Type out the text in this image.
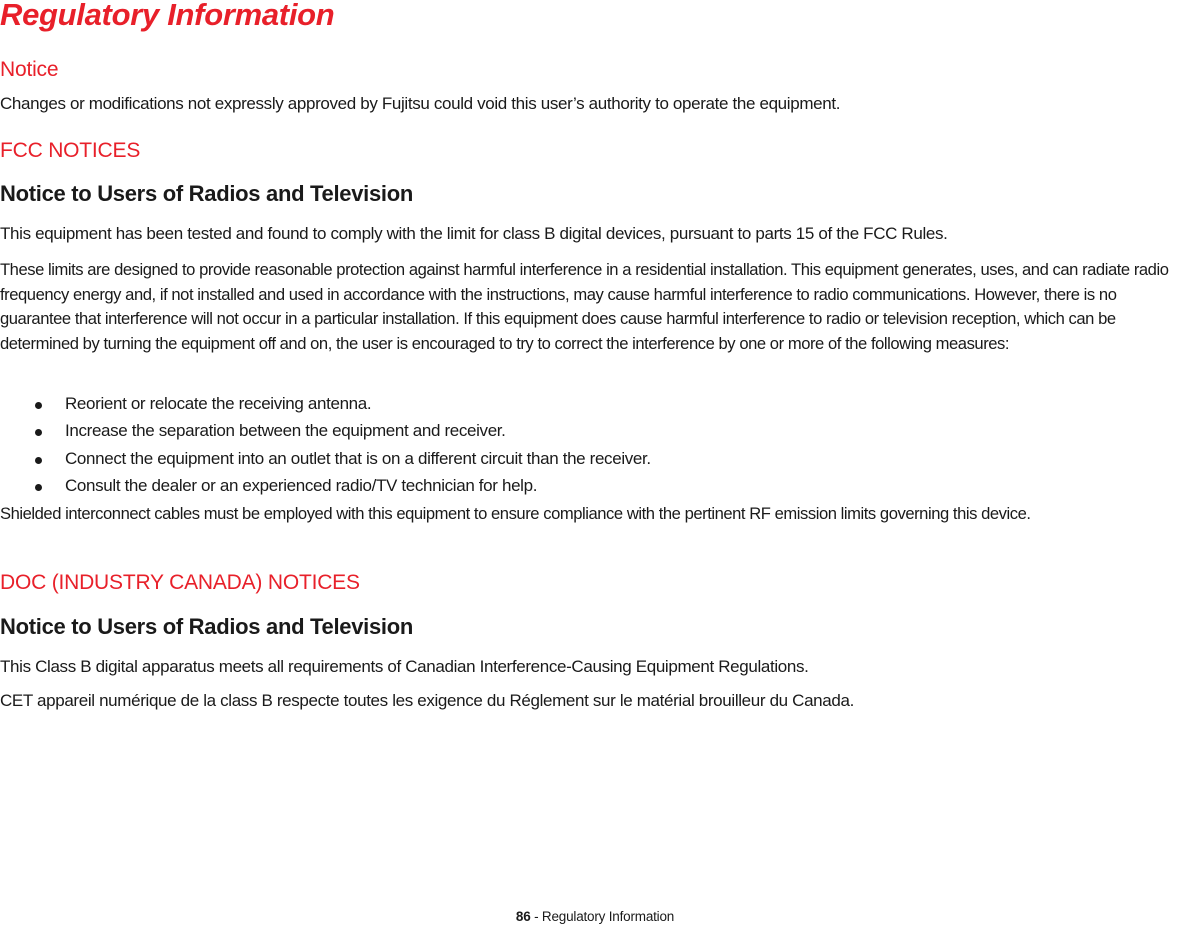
Regulatory Information
Notice

Changes or modifications not expressly approved by Fujitsu could void this user’s authority to operate the equipment.

FCC NOTICES
Notice to Users of Radios and Television

This equipment has been tested and found to comply with the limit for class B digital devices, pursuant to parts 15 of the FCC Rules.

These limits are designed to provide reasonable protection against harmful interference in a residential installation. This equipment generates, uses, and can radiate radio frequency energy and, if not installed and used in accordance with the instructions, may cause harmful interference to radio communications. However, there is no guarantee that interference will not occur in a particular installation. If this equipment does cause harmful interference to radio or television reception, which can be determined by turning the equipment off and on, the user is encouraged to try to correct the interference by one or more of the following measures:

Reorient or relocate the receiving antenna.
Increase the separation between the equipment and receiver.
Connect the equipment into an outlet that is on a different circuit than the receiver.
Consult the dealer or an experienced radio/TV technician for help.

Shielded interconnect cables must be employed with this equipment to ensure compliance with the pertinent RF emission limits governing this device.

DOC (INDUSTRY CANADA) NOTICES
Notice to Users of Radios and Television

This Class B digital apparatus meets all requirements of Canadian Interference-Causing Equipment Regulations.

CET appareil numérique de la class B respecte toutes les exigence du Réglement sur le matérial brouilleur du Canada.

86 - Regulatory Information
